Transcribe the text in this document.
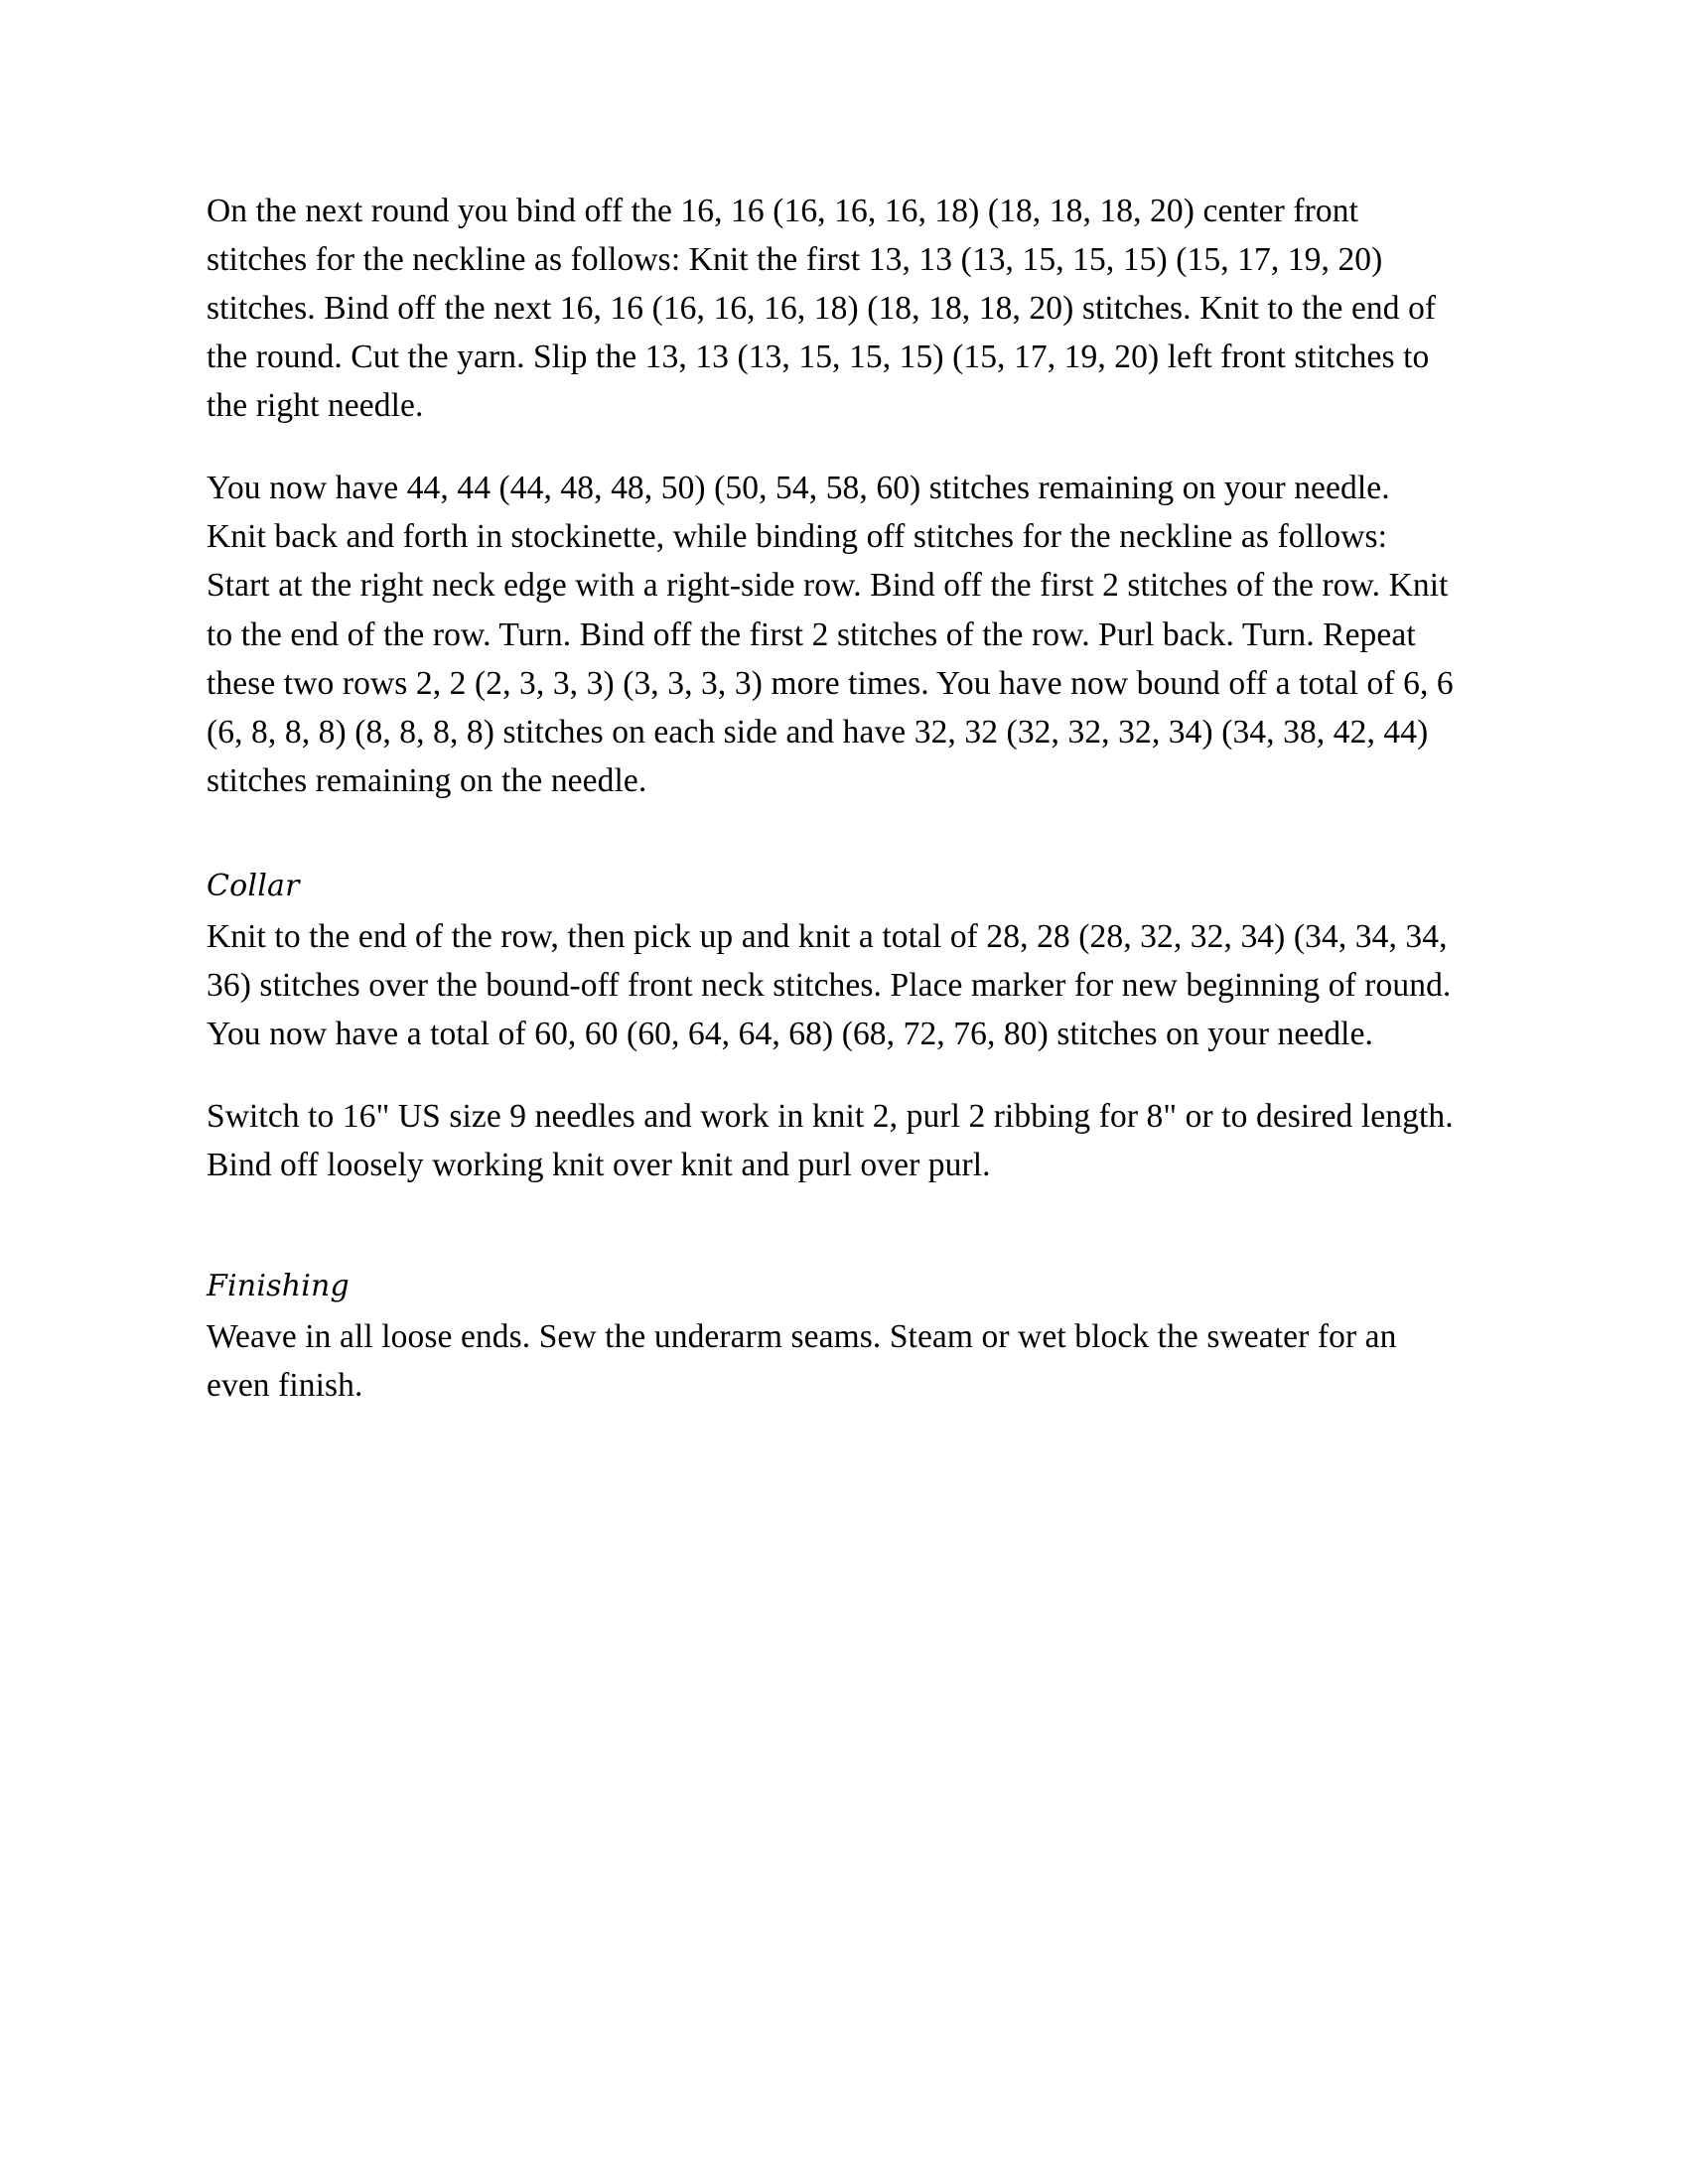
On the next round you bind off the 16, 16 (16, 16, 16, 18) (18, 18, 18, 20) center front stitches for the neckline as follows: Knit the first 13, 13 (13, 15, 15, 15) (15, 17, 19, 20) stitches. Bind off the next 16, 16 (16, 16, 16, 18) (18, 18, 18, 20) stitches. Knit to the end of the round. Cut the yarn. Slip the 13, 13 (13, 15, 15, 15) (15, 17, 19, 20) left front stitches to the right needle.

You now have 44, 44 (44, 48, 48, 50) (50, 54, 58, 60) stitches remaining on your needle. Knit back and forth in stockinette, while binding off stitches for the neckline as follows: Start at the right neck edge with a right-side row. Bind off the first 2 stitches of the row. Knit to the end of the row. Turn. Bind off the first 2 stitches of the row. Purl back. Turn. Repeat these two rows 2, 2 (2, 3, 3, 3) (3, 3, 3, 3) more times. You have now bound off a total of 6, 6 (6, 8, 8, 8) (8, 8, 8, 8) stitches on each side and have 32, 32 (32, 32, 32, 34) (34, 38, 42, 44) stitches remaining on the needle.

Collar

Knit to the end of the row, then pick up and knit a total of 28, 28 (28, 32, 32, 34) (34, 34, 34, 36) stitches over the bound-off front neck stitches. Place marker for new beginning of round. You now have a total of 60, 60 (60, 64, 64, 68) (68, 72, 76, 80) stitches on your needle.

Switch to 16" US size 9 needles and work in knit 2, purl 2 ribbing for 8" or to desired length. Bind off loosely working knit over knit and purl over purl.

Finishing

Weave in all loose ends. Sew the underarm seams. Steam or wet block the sweater for an even finish.
